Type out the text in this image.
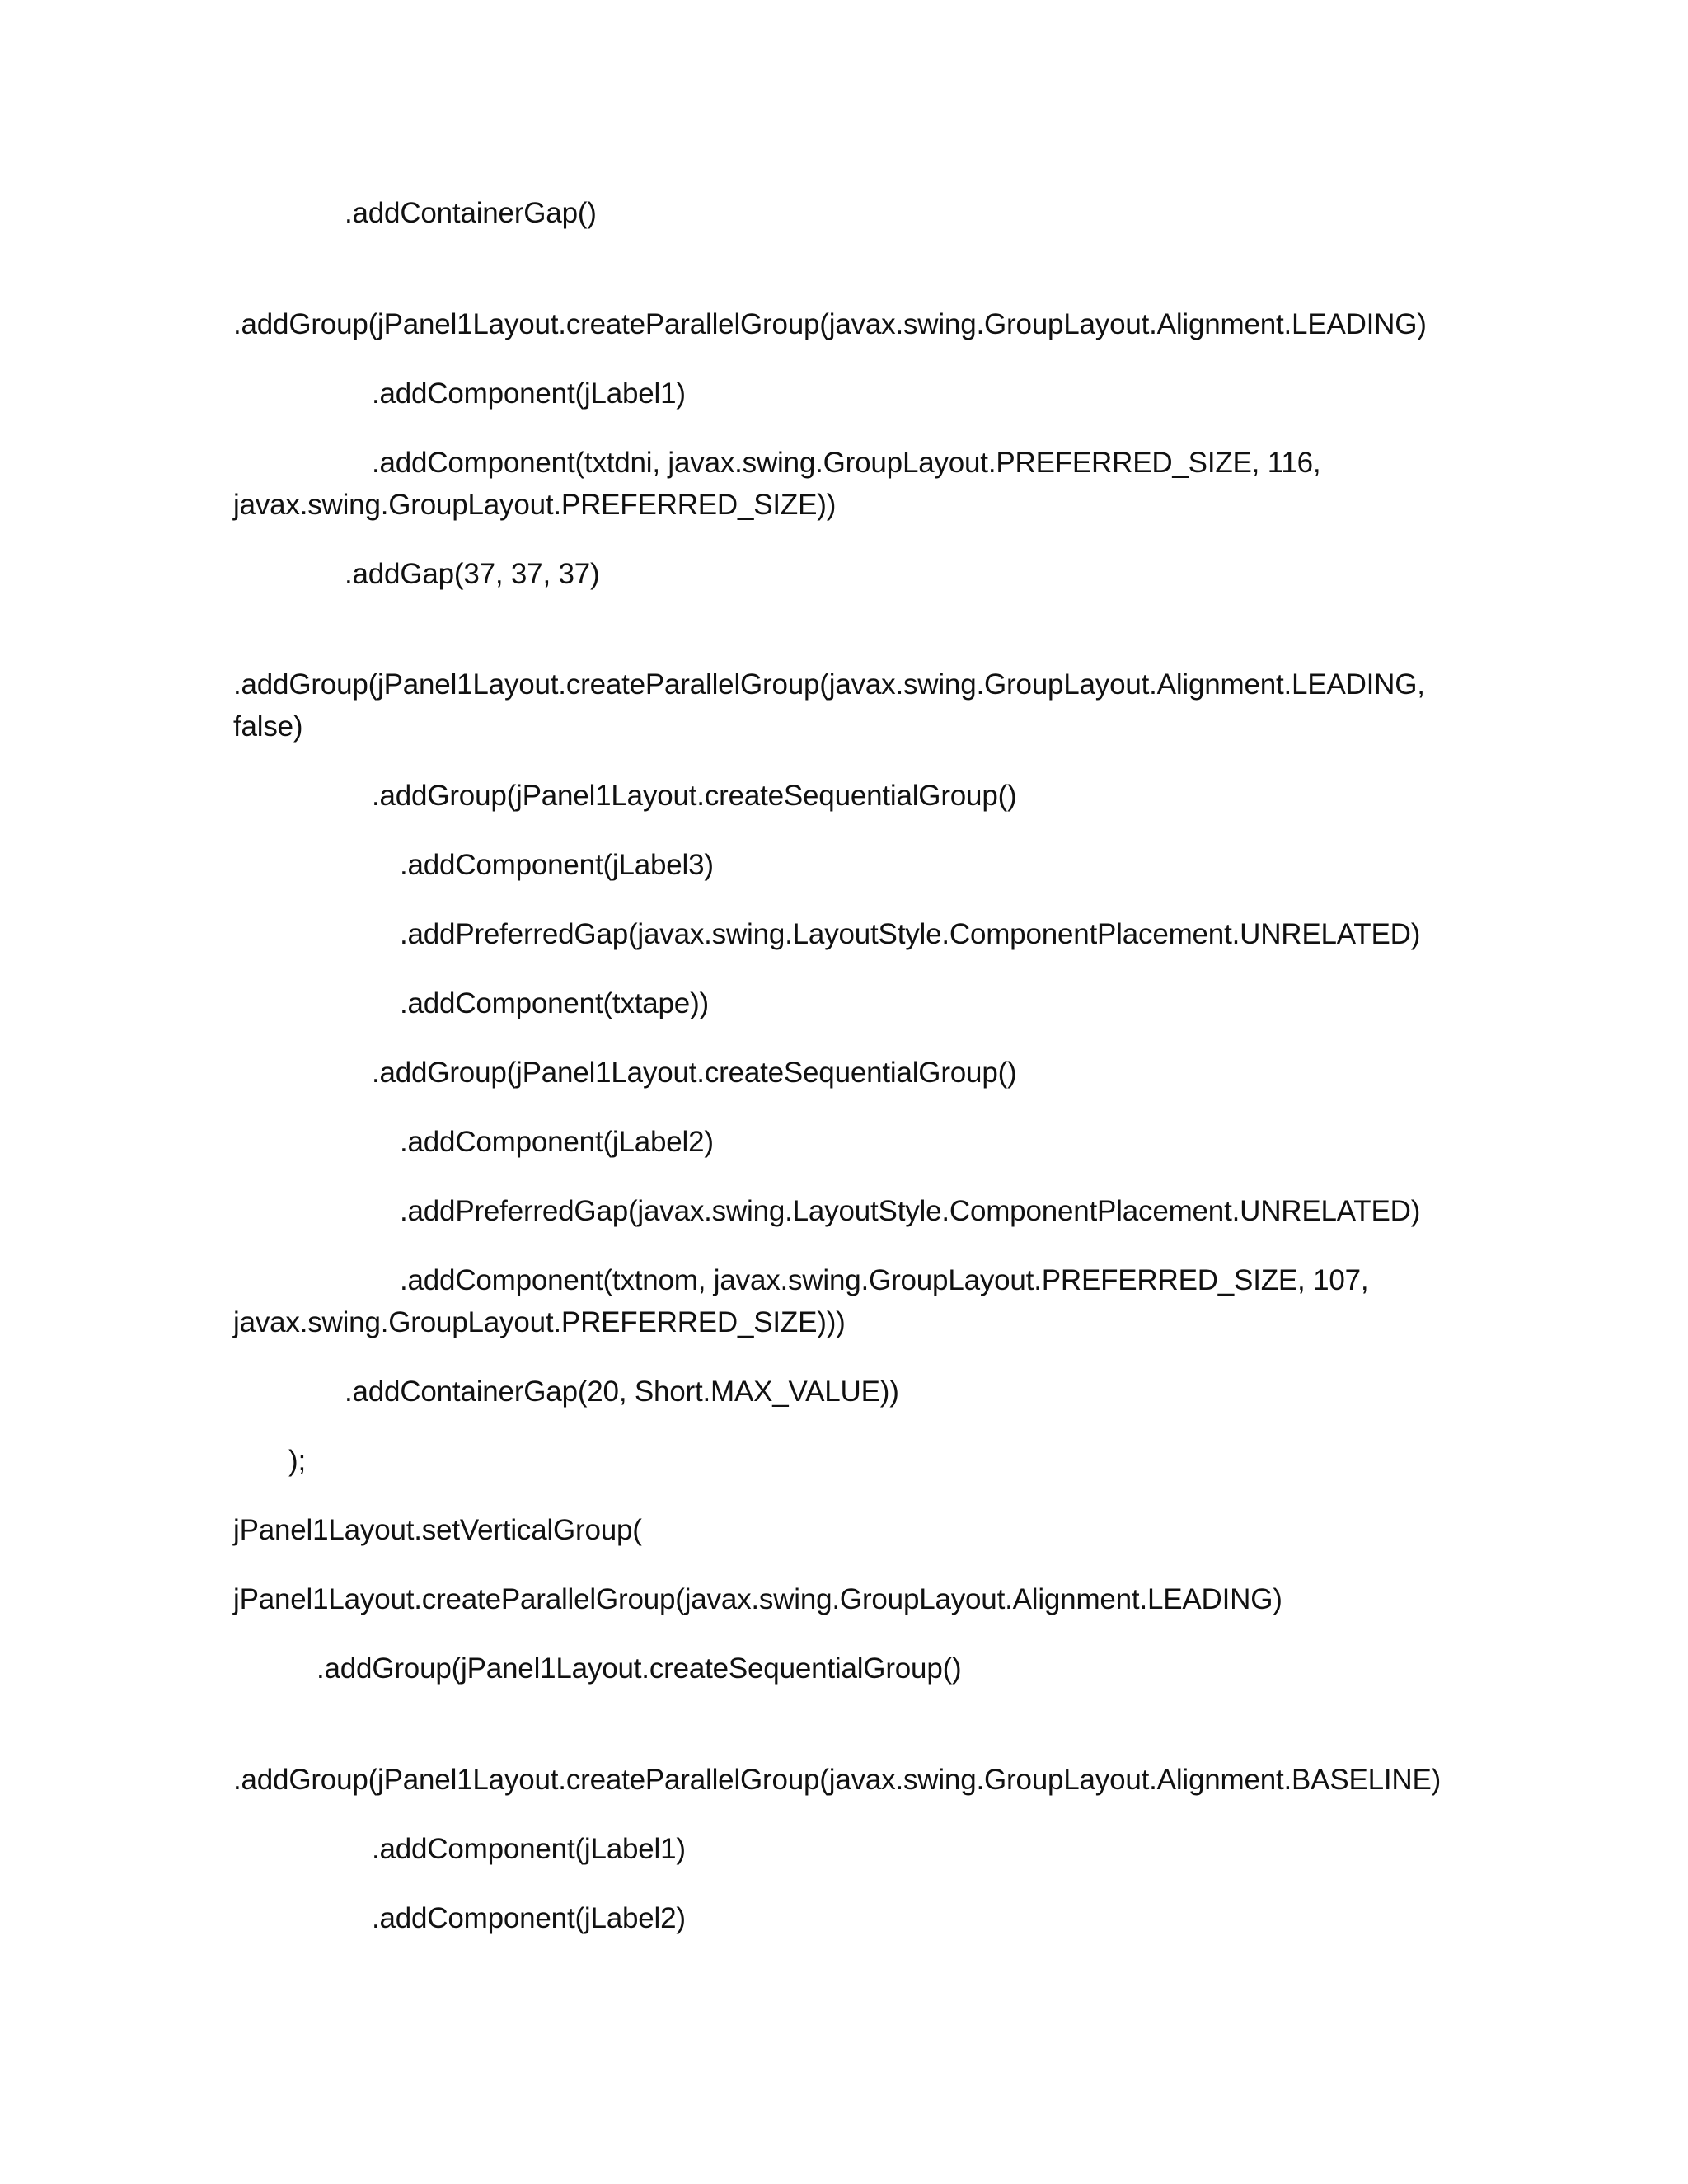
.addContainerGap()
.addGroup(jPanel1Layout.createParallelGroup(javax.swing.GroupLayout.Alignment.LEADING)
.addComponent(jLabel1)
.addComponent(txtdni, javax.swing.GroupLayout.PREFERRED_SIZE, 116,
javax.swing.GroupLayout.PREFERRED_SIZE))
.addGap(37, 37, 37)
.addGroup(jPanel1Layout.createParallelGroup(javax.swing.GroupLayout.Alignment.LEADING,
false)
.addGroup(jPanel1Layout.createSequentialGroup()
.addComponent(jLabel3)
.addPreferredGap(javax.swing.LayoutStyle.ComponentPlacement.UNRELATED)
.addComponent(txtape))
.addGroup(jPanel1Layout.createSequentialGroup()
.addComponent(jLabel2)
.addPreferredGap(javax.swing.LayoutStyle.ComponentPlacement.UNRELATED)
.addComponent(txtnom, javax.swing.GroupLayout.PREFERRED_SIZE, 107,
javax.swing.GroupLayout.PREFERRED_SIZE)))
.addContainerGap(20, Short.MAX_VALUE))
);
jPanel1Layout.setVerticalGroup(
jPanel1Layout.createParallelGroup(javax.swing.GroupLayout.Alignment.LEADING)
.addGroup(jPanel1Layout.createSequentialGroup()
.addGroup(jPanel1Layout.createParallelGroup(javax.swing.GroupLayout.Alignment.BASELINE)
.addComponent(jLabel1)
.addComponent(jLabel2)
